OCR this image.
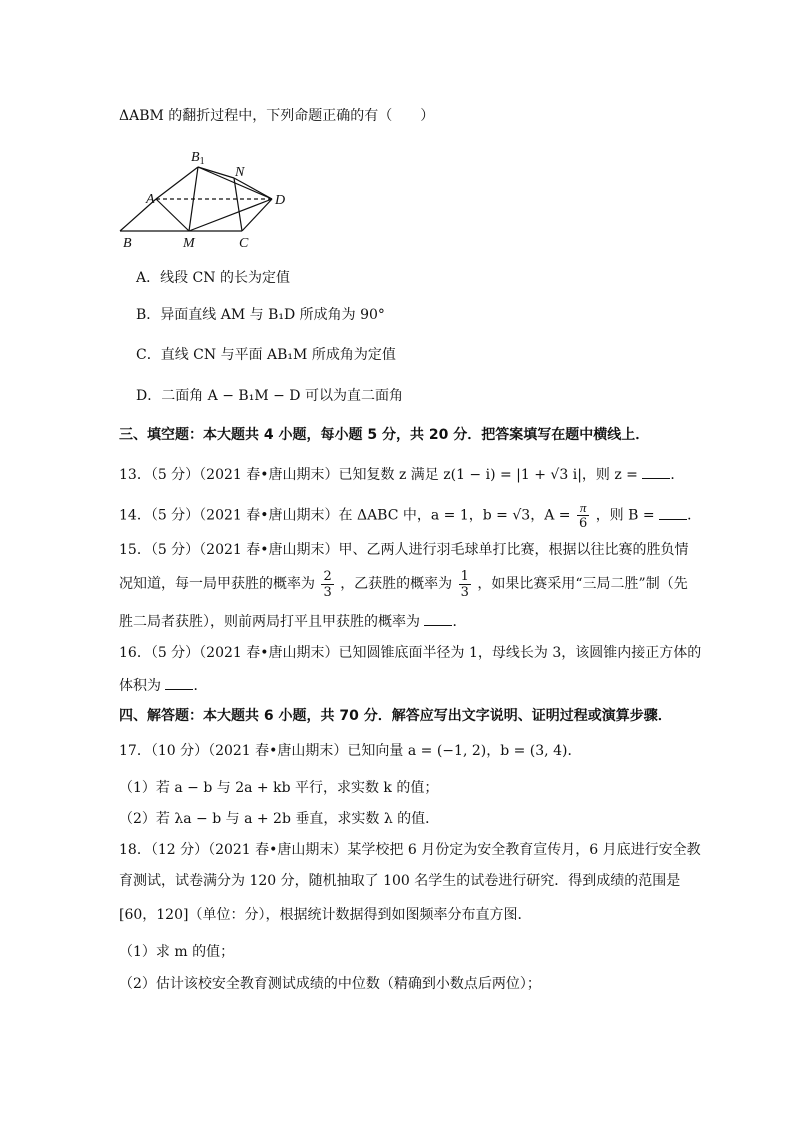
ΔABM 的翻折过程中，下列命题正确的有（　　）
$B_1$
N
A	D
B	M	C
A．线段 CN 的长为定值
B．异面直线 AM 与 B₁D 所成角为 90°
C．直线 CN 与平面 AB₁M 所成角为定值
D．二面角 A − B₁M − D 可以为直二面角
三、填空题：本大题共 4 小题，每小题 5 分，共 20 分．把答案填写在题中横线上．
13．（5 分）（2021 春•唐山期末）已知复数 z 满足 z(1 − i) = |1 + √3 i|，则 z = ．
14．（5 分）（2021 春•唐山期末）在 ΔABC 中，a = 1，b = √3，$A = \frac{\pi}{6}$ ，则 B = ．
15．（5 分）（2021 春•唐山期末）甲、乙两人进行羽毛球单打比赛，根据以往比赛的胜负情
况知道，每一局甲获胜的概率为 $\frac{2}{3}$ ，乙获胜的概率为 $\frac{1}{3}$ ，如果比赛采用“三局二胜”制（先
胜二局者获胜），则前两局打平且甲获胜的概率为 ．
16．（5 分）（2021 春•唐山期末）已知圆锥底面半径为 1，母线长为 3，该圆锥内接正方体的
体积为 ．
四、解答题：本大题共 6 小题，共 70 分．解答应写出文字说明、证明过程或演算步骤．
17．（10 分）（2021 春•唐山期末）已知向量 a = (−1, 2)，b = (3, 4)．
（1）若 a − b 与 2a + kb 平行，求实数 k 的值；
（2）若 λa − b 与 a + 2b 垂直，求实数 λ 的值．
18．（12 分）（2021 春•唐山期末）某学校把 6 月份定为安全教育宣传月，6 月底进行安全教
育测试，试卷满分为 120 分，随机抽取了 100 名学生的试卷进行研究．得到成绩的范围是
[60，120]（单位：分），根据统计数据得到如图频率分布直方图．
（1）求 m 的值；
（2）估计该校安全教育测试成绩的中位数（精确到小数点后两位）；
